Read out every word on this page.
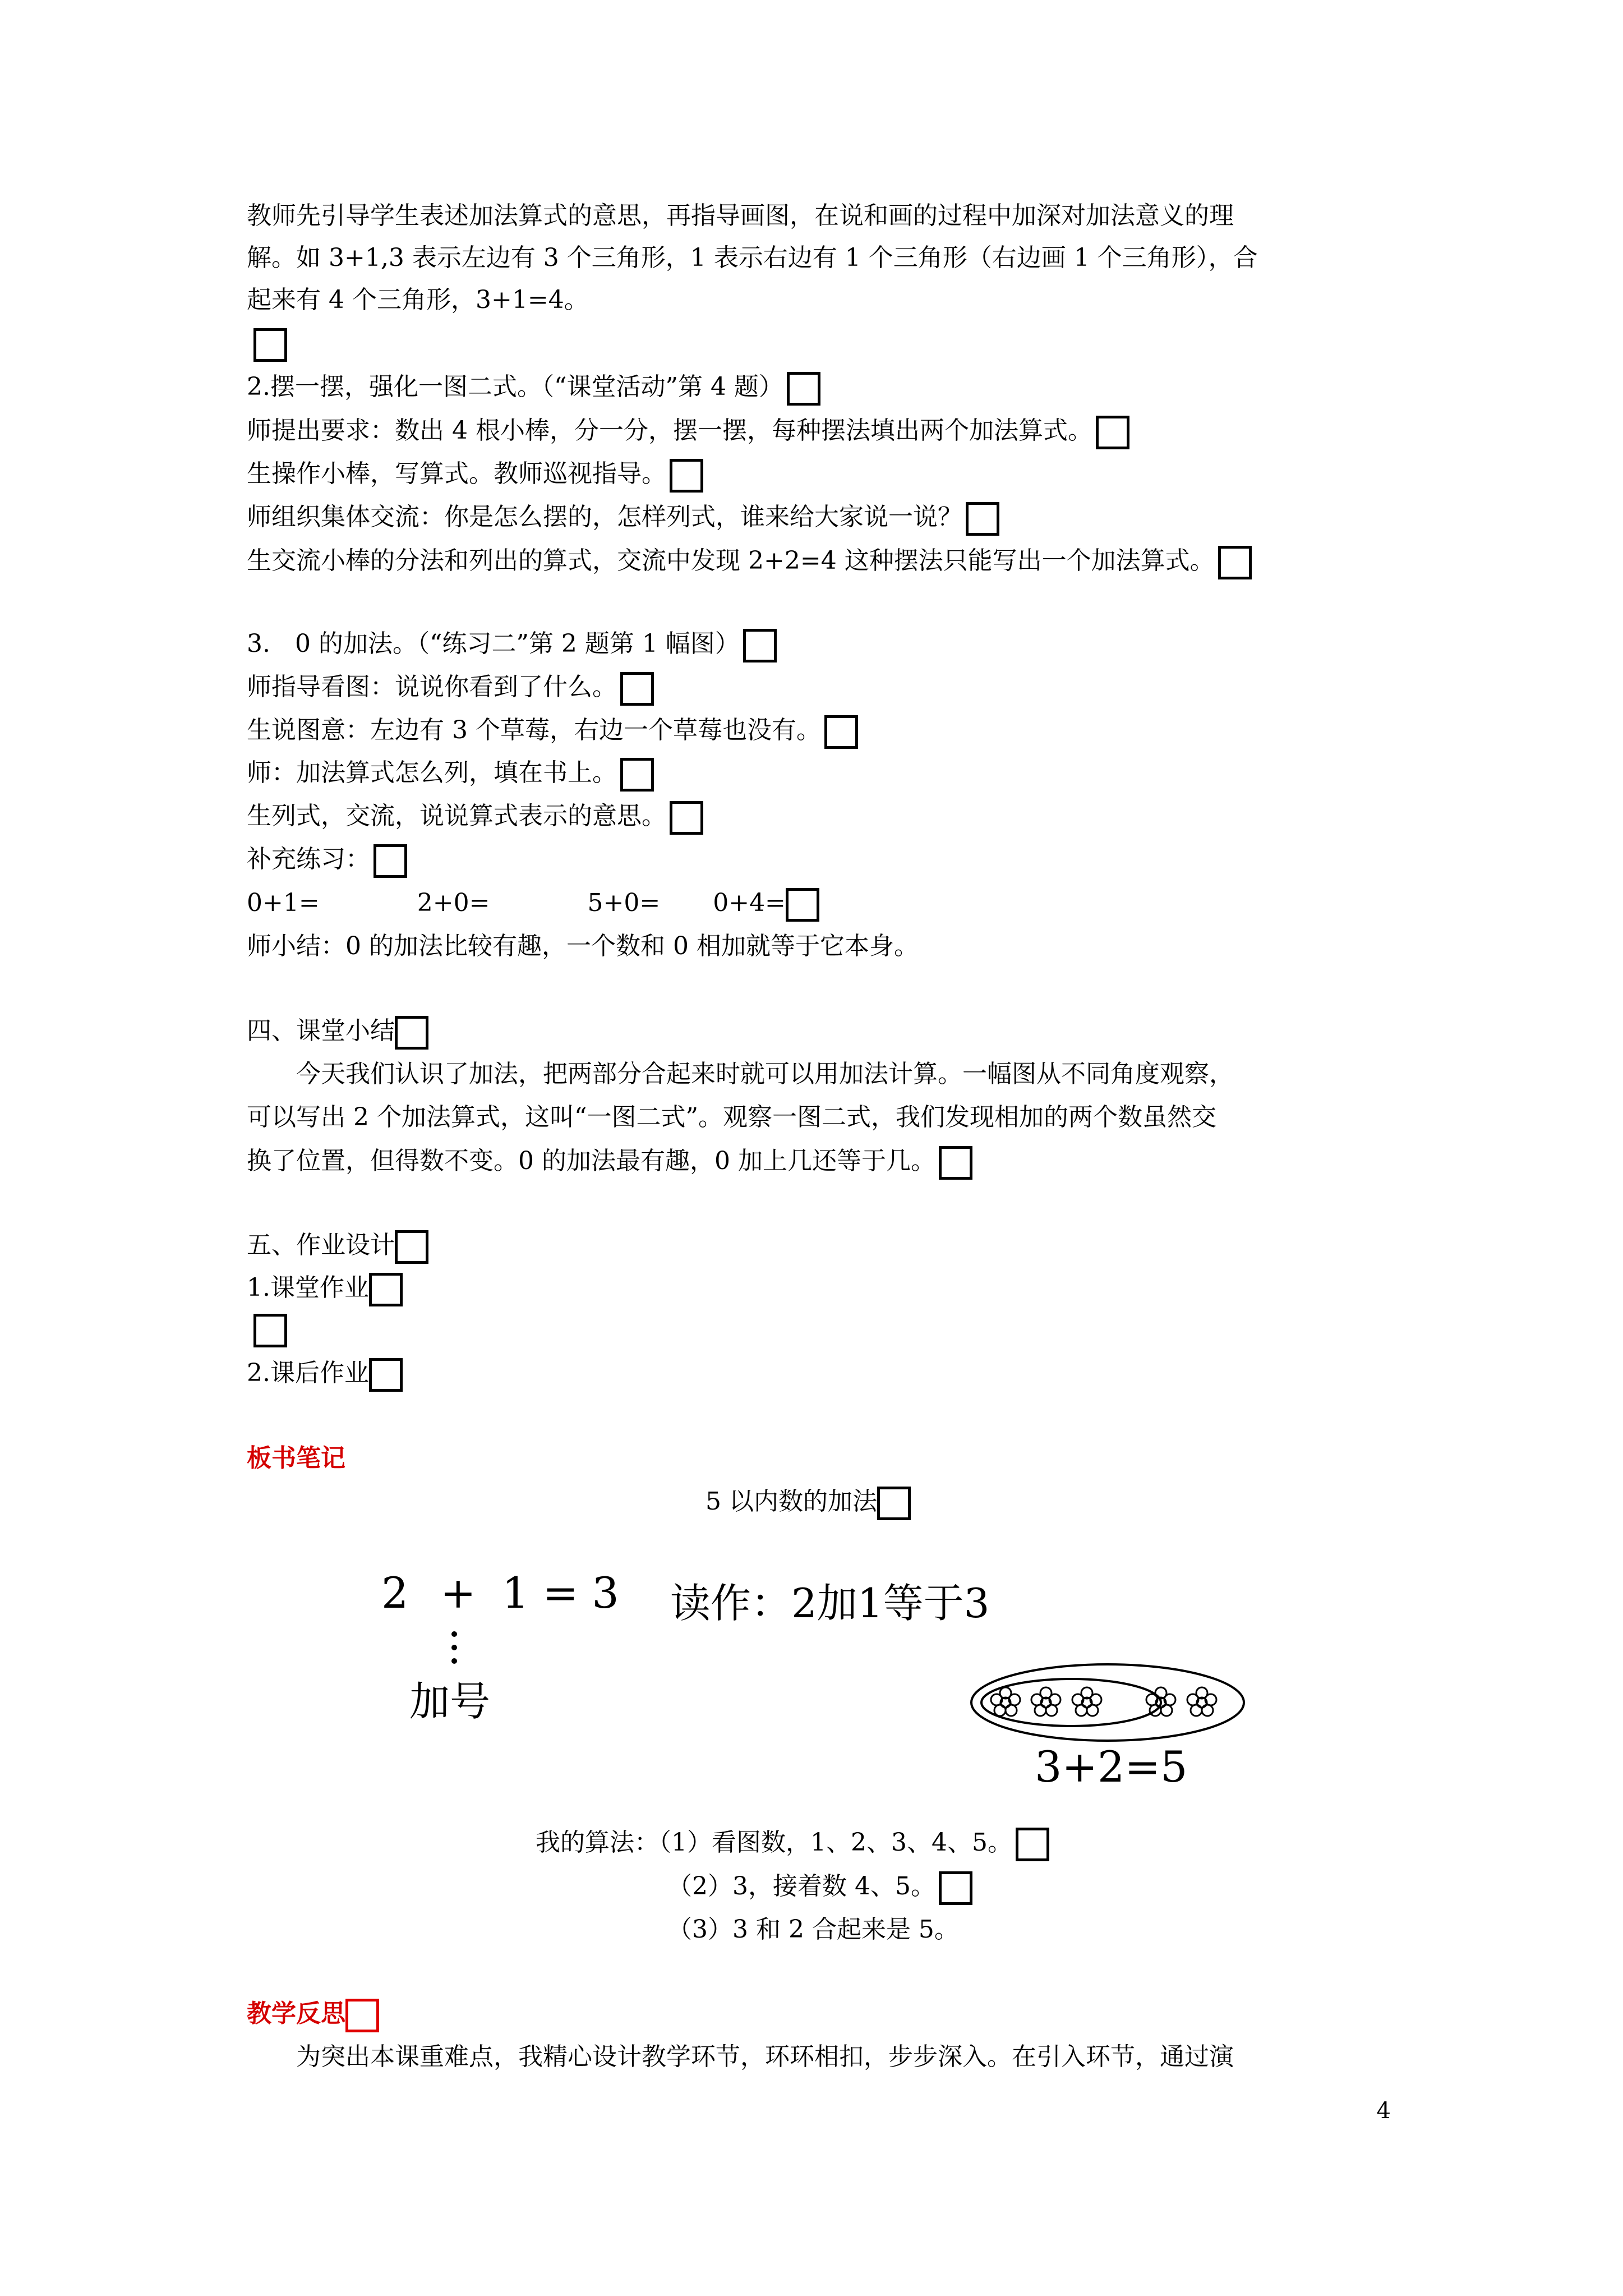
教师先引导学生表述加法算式的意思，再指导画图，在说和画的过程中加深对加法意义的理
解。如 3+1,3 表示左边有 3 个三角形，1 表示右边有 1 个三角形（右边画 1 个三角形），合
起来有 4 个三角形，3+1=4。
2.摆一摆，强化一图二式。（“课堂活动”第 4 题）
师提出要求：数出 4 根小棒，分一分，摆一摆，每种摆法填出两个加法算式。
生操作小棒，写算式。教师巡视指导。
师组织集体交流：你是怎么摆的，怎样列式，谁来给大家说一说？
生交流小棒的分法和列出的算式，交流中发现 2+2=4 这种摆法只能写出一个加法算式。
3.　0 的加法。（“练习二”第 2 题第 1 幅图）
师指导看图：说说你看到了什么。
生说图意：左边有 3 个草莓，右边一个草莓也没有。
师：加法算式怎么列，填在书上。
生列式，交流，说说算式表示的意思。
补充练习：
0+1=	2+0=	5+0= 0+4=
师小结：0 的加法比较有趣，一个数和 0 相加就等于它本身。
四、课堂小结
　　今天我们认识了加法，把两部分合起来时就可以用加法计算。一幅图从不同角度观察，
可以写出 2 个加法算式，这叫“一图二式”。观察一图二式，我们发现相加的两个数虽然交
换了位置，但得数不变。0 的加法最有趣，0 加上几还等于几。
五、作业设计
1.课堂作业
2.课后作业
板书笔记
5 以内数的加法
2 + 1 = 3 读作：2加1等于3
加号
3+2=5
我的算法：（1）看图数，1、2、3、4、5。
（2）3，接着数 4、5。
（3）3 和 2 合起来是 5。
教学反思
　　为突出本课重难点，我精心设计教学环节，环环相扣，步步深入。在引入环节，通过演
4
